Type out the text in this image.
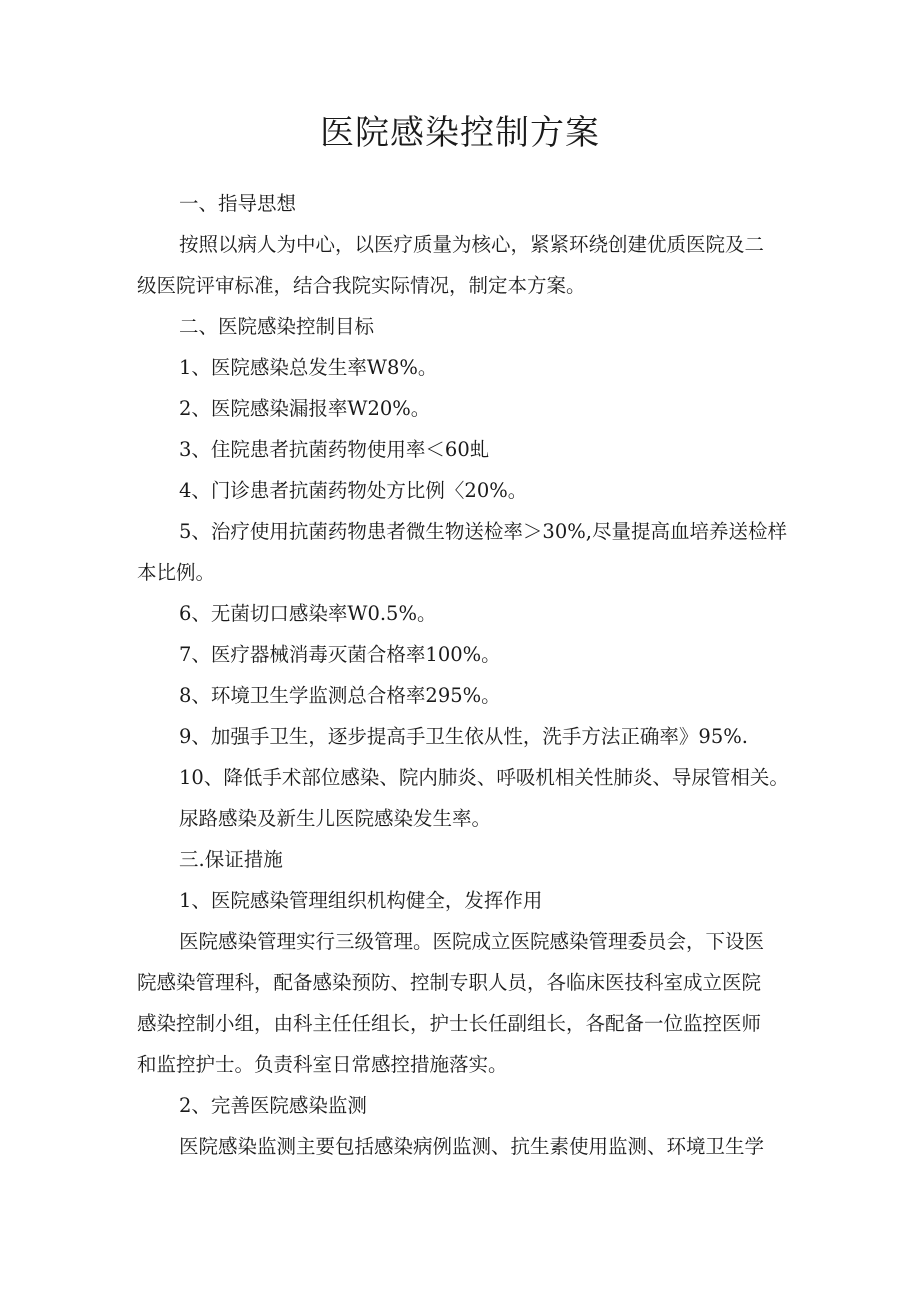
医院感染控制方案

一、指导思想

按照以病人为中心，以医疗质量为核心，紧紧环绕创建优质医院及二

级医院评审标准，结合我院实际情况，制定本方案。

二、医院感染控制目标

1、医院感染总发生率W8%。

2、医院感染漏报率W20%。

3、住院患者抗菌药物使用率＜60虬

4、门诊患者抗菌药物处方比例〈20%。

5、治疗使用抗菌药物患者微生物送检率＞30%,尽量提高血培养送检样

本比例。

6、无菌切口感染率W0.5%。

7、医疗器械消毒灭菌合格率100%。

8、环境卫生学监测总合格率295%。

9、加强手卫生，逐步提高手卫生依从性，洗手方法正确率》95%.

10、降低手术部位感染、院内肺炎、呼吸机相关性肺炎、导尿管相关。

尿路感染及新生儿医院感染发生率。

三.保证措施

1、医院感染管理组织机构健全，发挥作用

医院感染管理实行三级管理。医院成立医院感染管理委员会，下设医

院感染管理科，配备感染预防、控制专职人员，各临床医技科室成立医院

感染控制小组，由科主任任组长，护士长任副组长，各配备一位监控医师

和监控护士。负责科室日常感控措施落实。

2、完善医院感染监测

医院感染监测主要包括感染病例监测、抗生素使用监测、环境卫生学
